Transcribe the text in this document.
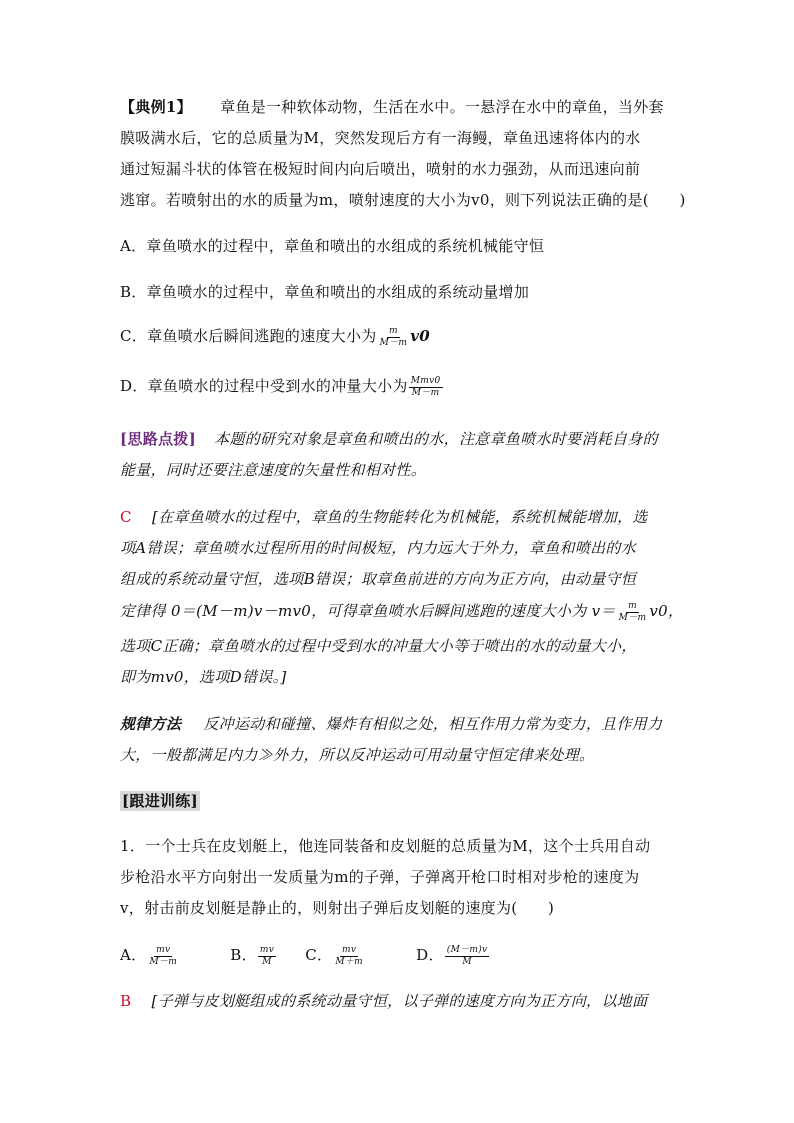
【典例1】 章鱼是一种软体动物，生活在水中。一悬浮在水中的章鱼，当外套
膜吸满水后，它的总质量为M，突然发现后方有一海鳗，章鱼迅速将体内的水
通过短漏斗状的体管在极短时间内向后喷出，喷射的水力强劲，从而迅速向前
逃窜。若喷射出的水的质量为m，喷射速度的大小为v0，则下列说法正确的是(　　)
A．章鱼喷水的过程中，章鱼和喷出的水组成的系统机械能守恒
B．章鱼喷水的过程中，章鱼和喷出的水组成的系统动量增加
C．章鱼喷水后瞬间逃跑的速度大小为 $\frac{m}{M-m} v0$
D．章鱼喷水的过程中受到水的冲量大小为 $\frac{\text{Mmv0}}{M-m}$
[思路点拨] 本题的研究对象是章鱼和喷出的水，注意章鱼喷水时要消耗自身的
能量，同时还要注意速度的矢量性和相对性。
C [在章鱼喷水的过程中，章鱼的生物能转化为机械能，系统机械能增加，选
项A错误；章鱼喷水过程所用的时间极短，内力远大于外力，章鱼和喷出的水
组成的系统动量守恒，选项B错误；取章鱼前进的方向为正方向，由动量守恒
定律得 0＝(M－m)v－mv0，可得章鱼喷水后瞬间逃跑的速度大小为 $v= \frac{m}{M-m} v0$，
选项C正确；章鱼喷水的过程中受到水的冲量大小等于喷出的水的动量大小，
即为mv0，选项D错误。]
规律方法 反冲运动和碰撞、爆炸有相似之处，相互作用力常为变力，且作用力
大，一般都满足内力≫外力，所以反冲运动可用动量守恒定律来处理。
[跟进训练]
1．一个士兵在皮划艇上，他连同装备和皮划艇的总质量为M，这个士兵用自动
步枪沿水平方向射出一发质量为m的子弹，子弹离开枪口时相对步枪的速度为
v，射击前皮划艇是静止的，则射出子弹后皮划艇的速度为(　　)
A． $\frac{mv}{M-m}$	B． $\frac{mv}{M}$ C． $\frac{mv}{M+m}$	D． $\frac{(M-m)v}{M}$
B [子弹与皮划艇组成的系统动量守恒，以子弹的速度方向为正方向，以地面
